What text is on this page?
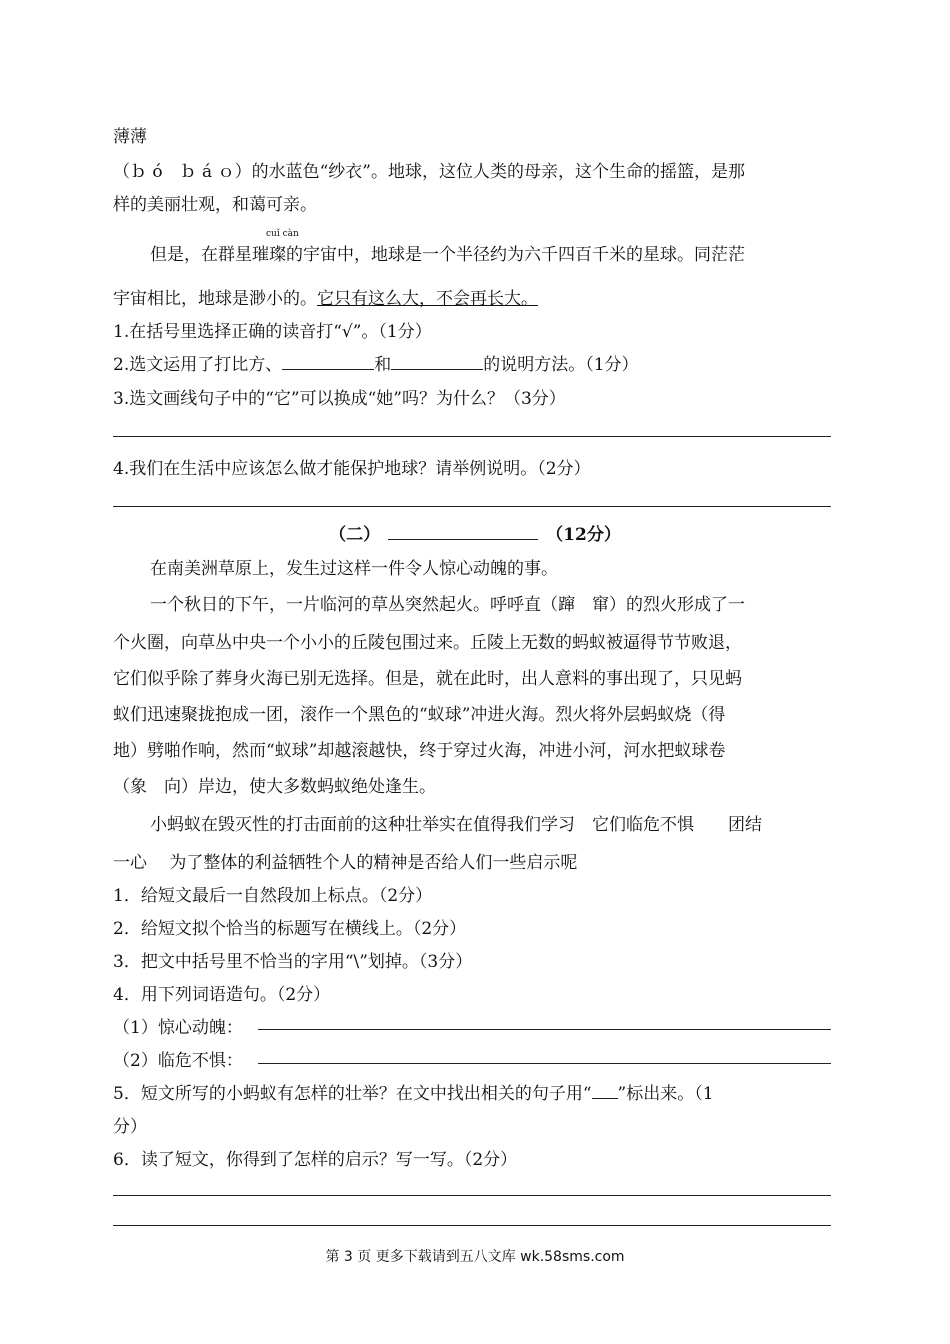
薄薄
（ｂ ó　ｂ á ｏ）的水蓝色“纱衣”。地球，这位人类的母亲，这个生命的摇篮，是那
样的美丽壮观，和蔼可亲。
cuǐ càn
但是，在群星璀璨的宇宙中，地球是一个半径约为六千四百千米的星球。同茫茫
宇宙相比，地球是渺小的。它只有这么大，不会再长大。
1.在括号里选择正确的读音打“√”。（1分）
2.选文运用了打比方、	和	的说明方法。（1分）
3.选文画线句子中的“它”可以换成“她”吗？为什么？（3分）
4.我们在生活中应该怎么做才能保护地球？请举例说明。（2分）
（二）	（12分）
在南美洲草原上，发生过这样一件令人惊心动魄的事。
一个秋日的下午，一片临河的草丛突然起火。呼呼直（蹿　窜）的烈火形成了一
个火圈，向草丛中央一个小小的丘陵包围过来。丘陵上无数的蚂蚁被逼得节节败退，
它们似乎除了葬身火海已别无选择。但是，就在此时，出人意料的事出现了，只见蚂
蚁们迅速聚拢抱成一团，滚作一个黑色的“蚁球”冲进火海。烈火将外层蚂蚁烧（得
地）劈啪作响，然而“蚁球”却越滚越快，终于穿过火海，冲进小河，河水把蚁球卷
（象　向）岸边，使大多数蚂蚁绝处逢生。
小蚂蚁在毁灭性的打击面前的这种壮举实在值得我们学习　它们临危不惧　　团结
一心　 为了整体的利益牺牲个人的精神是否给人们一些启示呢
1．给短文最后一自然段加上标点。（2分）
2．给短文拟个恰当的标题写在横线上。（2分）
3．把文中括号里不恰当的字用“\”划掉。（3分）
4．用下列词语造句。（2分）
（1）惊心动魄：
（2）临危不惧：
5．短文所写的小蚂蚁有怎样的壮举？在文中找出相关的句子用“ ”标出来。（1
分）
6．读了短文，你得到了怎样的启示？写一写。（2分）
第 3 页 更多下载请到五八文库 wk.58sms.com
